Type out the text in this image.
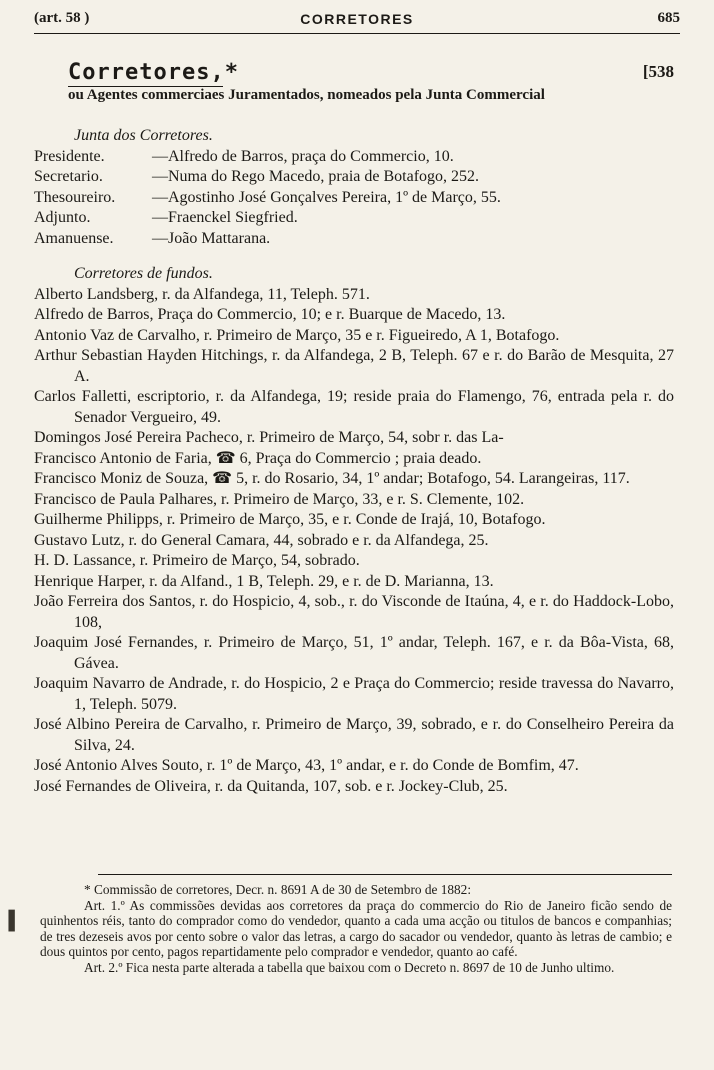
(art. 58 )	CORRETORES	685
Corretores,*	[538
ou Agentes commerciaes Juramentados, nomeados pela Junta Commercial
Junta dos Corretores.
Presidente.	—Alfredo de Barros, praça do Commercio, 10.
Secretario.	—Numa do Rego Macedo, praia de Botafogo, 252.
Thesoureiro.	—Agostinho José Gonçalves Pereira, 1º de Março, 55.
Adjunto.	—Fraenckel Siegfried.
Amanuense.	—João Mattarana.
Corretores de fundos.
Alberto Landsberg, r. da Alfandega, 11, Teleph. 571.
Alfredo de Barros, Praça do Commercio, 10; e r. Buarque de Macedo, 13.
Antonio Vaz de Carvalho, r. Primeiro de Março, 35 e r. Figueiredo, A 1, Botafogo.
Arthur Sebastian Hayden Hitchings, r. da Alfandega, 2 B, Teleph. 67 e r. do Barão de Mesquita, 27 A.
Carlos Falletti, escriptorio, r. da Alfandega, 19; reside praia do Flamengo, 76, entrada pela r. do Senador Vergueiro, 49.
Domingos José Pereira Pacheco, r. Primeiro de Março, 54, sobr r. das La-
Francisco Antonio de Faria, ☎ 6, Praça do Commercio ; praia deado.
Francisco Moniz de Souza, ☎ 5, r. do Rosario, 34, 1º andar; Botafogo, 54. Larangeiras, 117.
Francisco de Paula Palhares, r. Primeiro de Março, 33, e r. S. Clemente, 102.
Guilherme Philipps, r. Primeiro de Março, 35, e r. Conde de Irajá, 10, Botafogo.
Gustavo Lutz, r. do General Camara, 44, sobrado e r. da Alfandega, 25.
H. D. Lassance, r. Primeiro de Março, 54, sobrado.
Henrique Harper, r. da Alfand., 1 B, Teleph. 29, e r. de D. Marianna, 13.
João Ferreira dos Santos, r. do Hospicio, 4, sob., r. do Visconde de Itaúna, 4, e r. do Haddock-Lobo, 108,
Joaquim José Fernandes, r. Primeiro de Março, 51, 1º andar, Teleph. 167, e r. da Bôa-Vista, 68, Gávea.
Joaquim Navarro de Andrade, r. do Hospicio, 2 e Praça do Commercio; reside travessa do Navarro, 1, Teleph. 5079.
José Albino Pereira de Carvalho, r. Primeiro de Março, 39, sobrado, e r. do Conselheiro Pereira da Silva, 24.
José Antonio Alves Souto, r. 1º de Março, 43, 1º andar, e r. do Conde de Bomfim, 47.
José Fernandes de Oliveira, r. da Quitanda, 107, sob. e r. Jockey-Club, 25.
* Commissão de corretores, Decr. n. 8691 A de 30 de Setembro de 1882:
Art. 1.º As commissões devidas aos corretores da praça do commercio do Rio de Janeiro ficão sendo de quinhentos réis, tanto do comprador como do vendedor, quanto a cada uma acção ou titulos de bancos e companhias; de tres dezeseis avos por cento sobre o valor das letras, a cargo do sacador ou vendedor, quanto às letras de cambio; e dous quintos por cento, pagos repartidamente pelo comprador e vendedor, quanto ao café.
Art. 2.º Fica nesta parte alterada a tabella que baixou com o Decreto n. 8697 de 10 de Junho ultimo.
▐
